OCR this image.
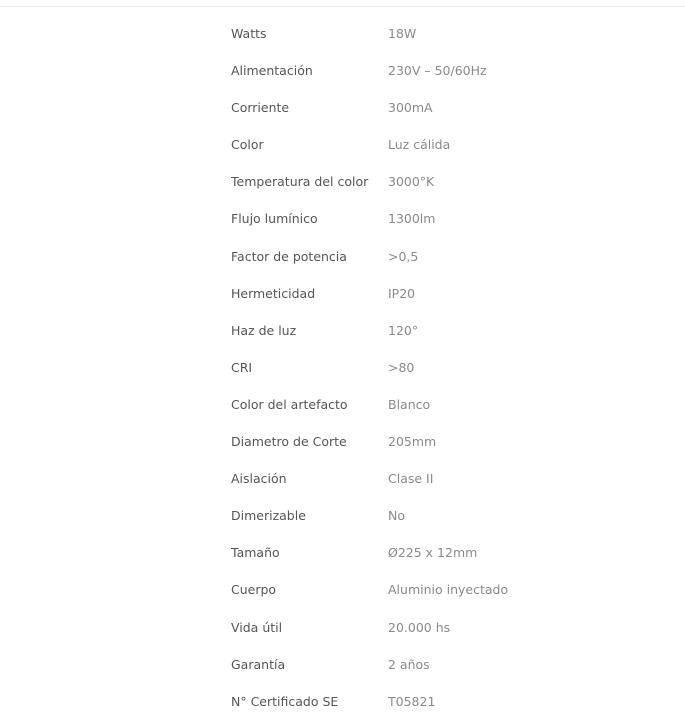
Watts	18W
Alimentación	230V – 50/60Hz
Corriente	300mA
Color	Luz cálida
Temperatura del color 3000°K
Flujo lumínico	1300lm
Factor de potencia	>0,5
Hermeticidad	IP20
Haz de luz	120°
CRI	>80
Color del artefacto	Blanco
Diametro de Corte	205mm
Aislación	Clase II
Dimerizable	No
Tamaño	Ø225 x 12mm
Cuerpo	Aluminio inyectado
Vida útil	20.000 hs
Garantía	2 años
N° Certificado SE	T05821
